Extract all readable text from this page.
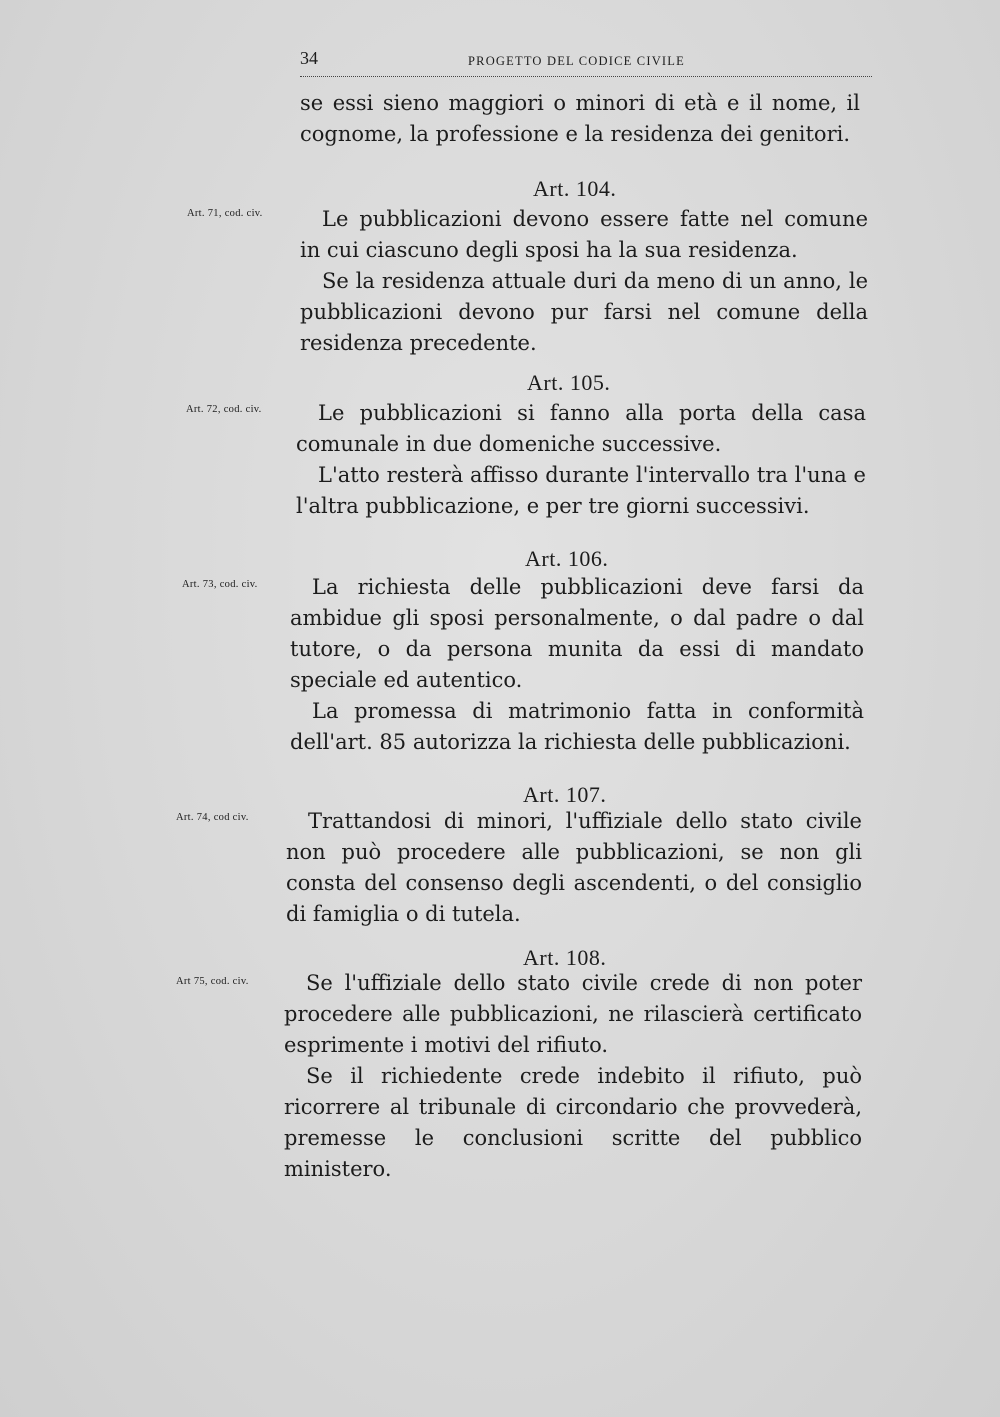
34	PROGETTO DEL CODICE CIVILE

se essi sieno maggiori o minori di età e il nome, il cognome, la professione e la residenza dei genitori.

Art. 104.
Art. 71, cod. civ.	Le pubblicazioni devono essere fatte nel comune in cui ciascuno degli sposi ha la sua residenza.

Se la residenza attuale duri da meno di un anno, le pubblicazioni devono pur farsi nel comune della residenza precedente.

Art. 105.
Art. 72, cod. civ.	Le pubblicazioni si fanno alla porta della casa comunale in due domeniche successive.

L'atto resterà affisso durante l'intervallo tra l'una e l'altra pubblicazione, e per tre giorni successivi.

Art. 106.
Art. 73, cod. civ.	La richiesta delle pubblicazioni deve farsi da ambidue gli sposi personalmente, o dal padre o dal tutore, o da persona munita da essi di mandato speciale ed autentico.

La promessa di matrimonio fatta in conformità dell'art. 85 autorizza la richiesta delle pubblicazioni.

Art. 107.
Art. 74, cod civ.	Trattandosi di minori, l'uffiziale dello stato civile non può procedere alle pubblicazioni, se non gli consta del consenso degli ascendenti, o del consiglio di famiglia o di tutela.

Art. 108.
Art 75, cod. civ.	Se l'uffiziale dello stato civile crede di non poter procedere alle pubblicazioni, ne rilascierà certificato esprimente i motivi del rifiuto.

Se il richiedente crede indebito il rifiuto, può ricorrere al tribunale di circondario che provvederà, premesse le conclusioni scritte del pubblico ministero.
